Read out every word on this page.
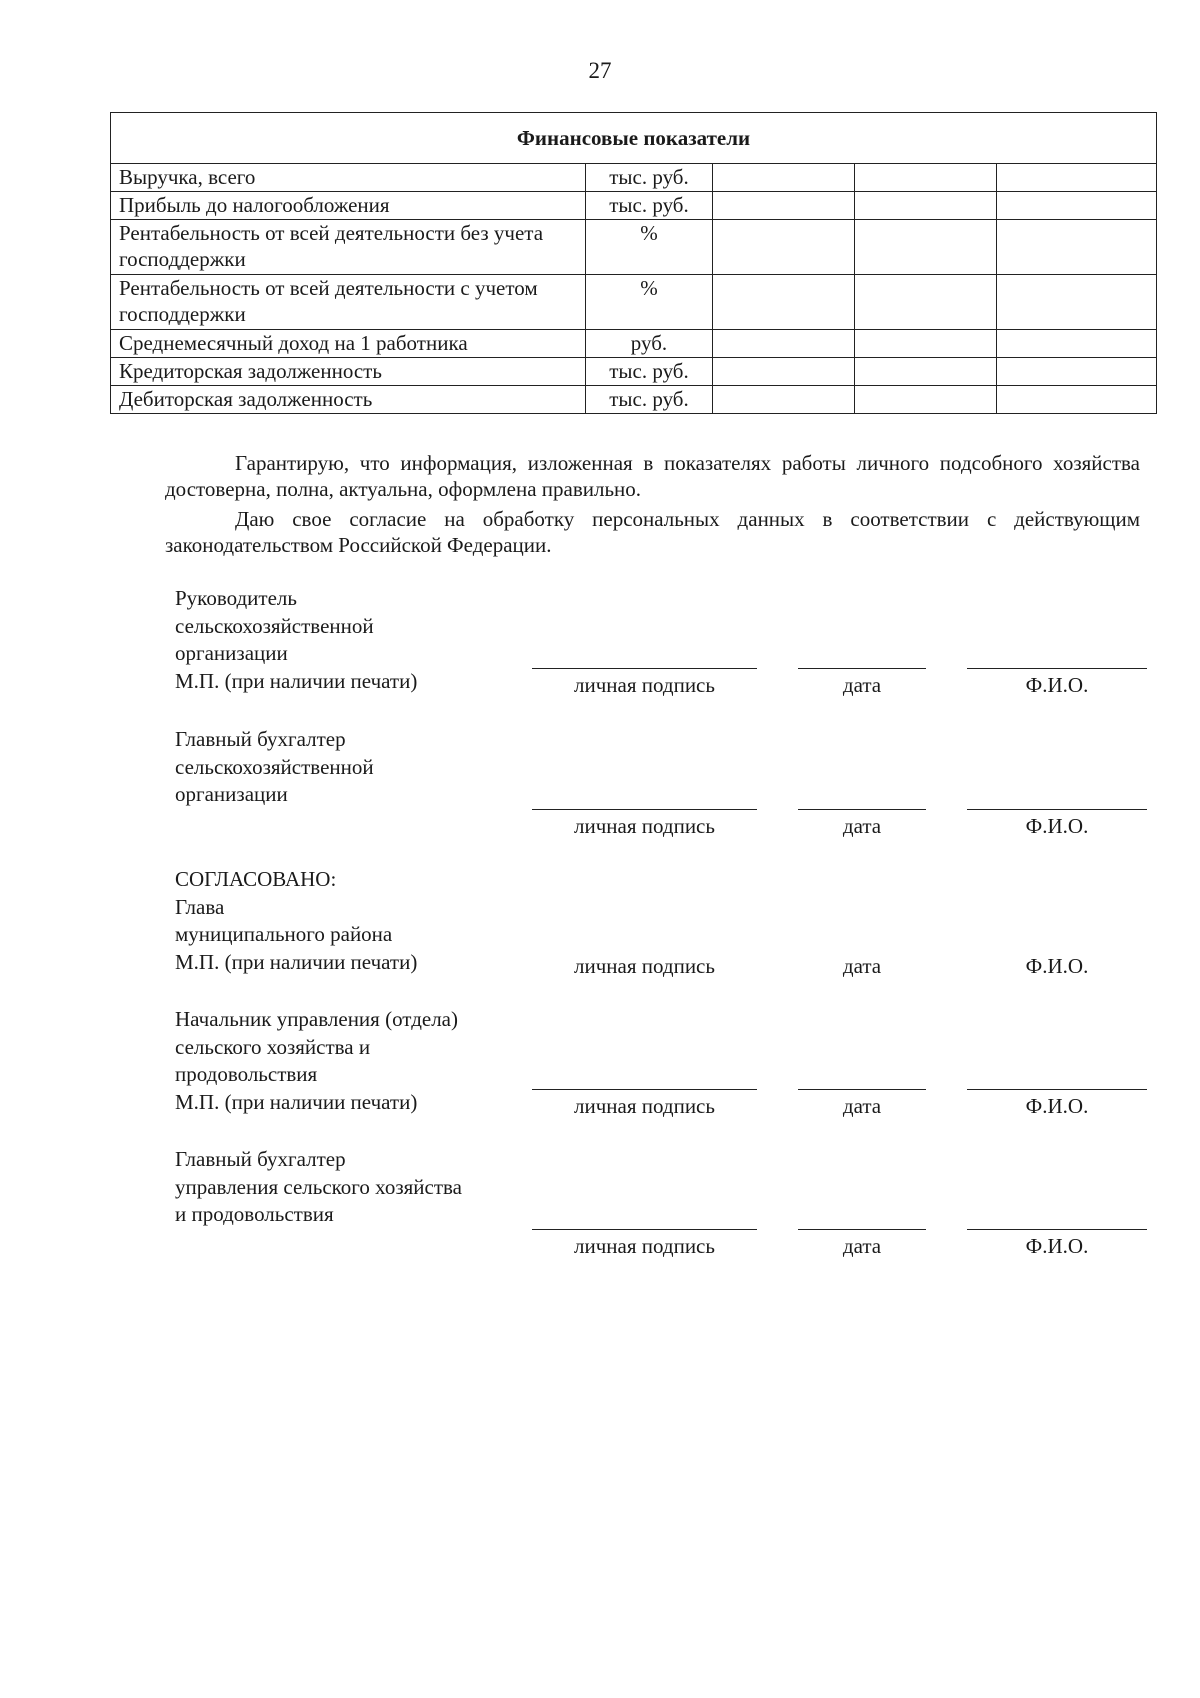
27
Финансовые показатели				
Выручка, всего	тыс. руб.			
Прибыль до налогообложения	тыс. руб.			
Рентабельность от всей деятельности без учета господдержки	%			
Рентабельность от всей деятельности с учетом господдержки	%			
Среднемесячный доход на 1 работника	руб.			
Кредиторская задолженность	тыс. руб.			
Дебиторская задолженность	тыс. руб.			
Гарантирую, что информация, изложенная в показателях работы личного подсобного хозяйства достоверна, полна, актуальна, оформлена правильно.
Даю свое согласие на обработку персональных данных в соответствии с действующим законодательством Российской Федерации.
Руководитель
сельскохозяйственной
организации
М.П. (при наличии печати)	личная подпись	дата	Ф.И.О.
Главный бухгалтер
сельскохозяйственной
организации
личная подпись	дата	Ф.И.О.
СОГЛАСОВАНО:
Глава
муниципального района
М.П. (при наличии печати)	личная подпись	дата	Ф.И.О.
Начальник управления (отдела)
сельского хозяйства и
продовольствия
М.П. (при наличии печати)	личная подпись	дата	Ф.И.О.
Главный бухгалтер
управления сельского хозяйства
и продовольствия
личная подпись	дата	Ф.И.О.
